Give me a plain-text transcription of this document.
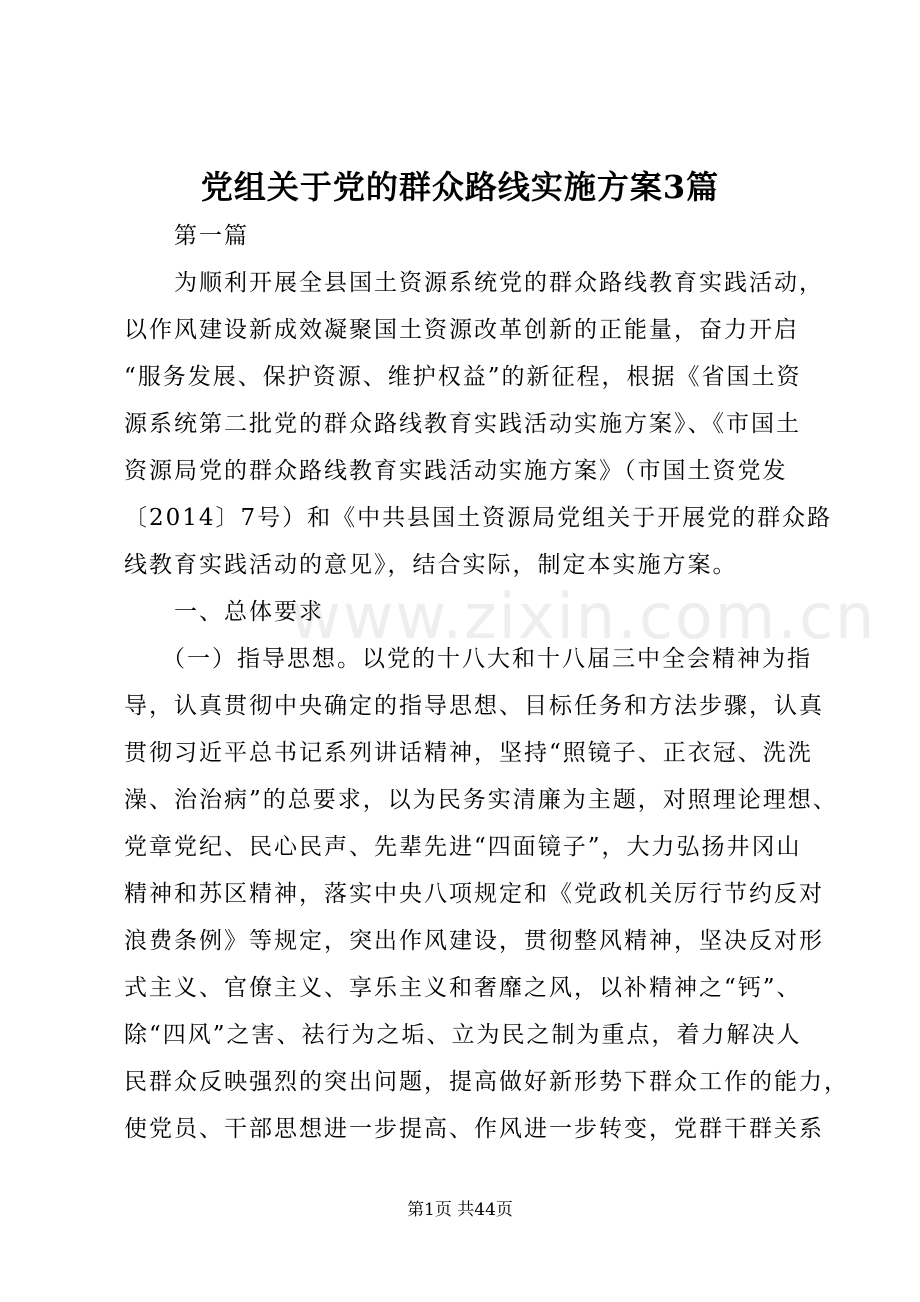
党组关于党的群众路线实施方案3篇

第一篇

为顺利开展全县国土资源系统党的群众路线教育实践活动，
以作风建设新成效凝聚国土资源改革创新的正能量，奋力开启
“服务发展、保护资源、维护权益”的新征程，根据《省国土资
源系统第二批党的群众路线教育实践活动实施方案》、《市国土
资源局党的群众路线教育实践活动实施方案》（市国土资党发
〔2014〕7号）和《中共县国土资源局党组关于开展党的群众路
线教育实践活动的意见》，结合实际，制定本实施方案。

一、总体要求

（一）指导思想。以党的十八大和十八届三中全会精神为指
导，认真贯彻中央确定的指导思想、目标任务和方法步骤，认真
贯彻习近平总书记系列讲话精神，坚持“照镜子、正衣冠、洗洗
澡、治治病”的总要求，以为民务实清廉为主题，对照理论理想、
党章党纪、民心民声、先辈先进“四面镜子”，大力弘扬井冈山
精神和苏区精神，落实中央八项规定和《党政机关厉行节约反对
浪费条例》等规定，突出作风建设，贯彻整风精神，坚决反对形
式主义、官僚主义、享乐主义和奢靡之风，以补精神之“钙”、
除“四风”之害、祛行为之垢、立为民之制为重点，着力解决人
民群众反映强烈的突出问题，提高做好新形势下群众工作的能力，
使党员、干部思想进一步提高、作风进一步转变，党群干群关系

www.zixin.com.cn
第1页 共44页
